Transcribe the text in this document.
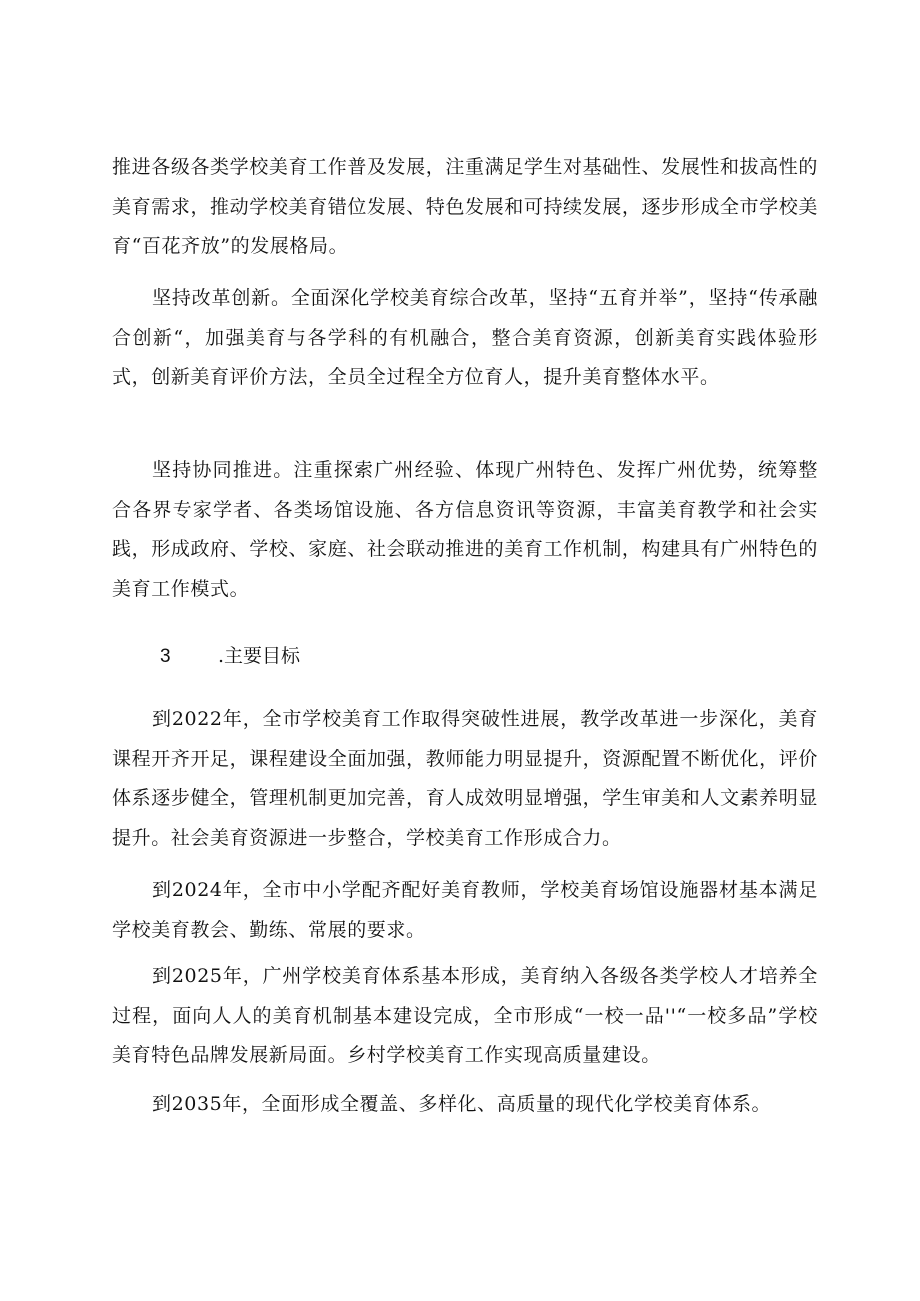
推进各级各类学校美育工作普及发展，注重满足学生对基础性、发展性和拔高性的美育需求，推动学校美育错位发展、特色发展和可持续发展，逐步形成全市学校美育“百花齐放”的发展格局。

坚持改革创新。全面深化学校美育综合改革，坚持“五育并举”，坚持“传承融合创新“，加强美育与各学科的有机融合，整合美育资源，创新美育实践体验形式，创新美育评价方法，全员全过程全方位育人，提升美育整体水平。

坚持协同推进。注重探索广州经验、体现广州特色、发挥广州优势，统筹整合各界专家学者、各类场馆设施、各方信息资讯等资源，丰富美育教学和社会实践，形成政府、学校、家庭、社会联动推进的美育工作机制，构建具有广州特色的美育工作模式。

3 .主要目标

到2022年，全市学校美育工作取得突破性进展，教学改革进一步深化，美育课程开齐开足，课程建设全面加强，教师能力明显提升，资源配置不断优化，评价体系逐步健全，管理机制更加完善，育人成效明显增强，学生审美和人文素养明显提升。社会美育资源进一步整合，学校美育工作形成合力。

到2024年，全市中小学配齐配好美育教师，学校美育场馆设施器材基本满足学校美育教会、勤练、常展的要求。

到2025年，广州学校美育体系基本形成，美育纳入各级各类学校人才培养全过程，面向人人的美育机制基本建设完成，全市形成“一校一品''“一校多品”学校美育特色品牌发展新局面。乡村学校美育工作实现高质量建设。

到2035年，全面形成全覆盖、多样化、高质量的现代化学校美育体系。
